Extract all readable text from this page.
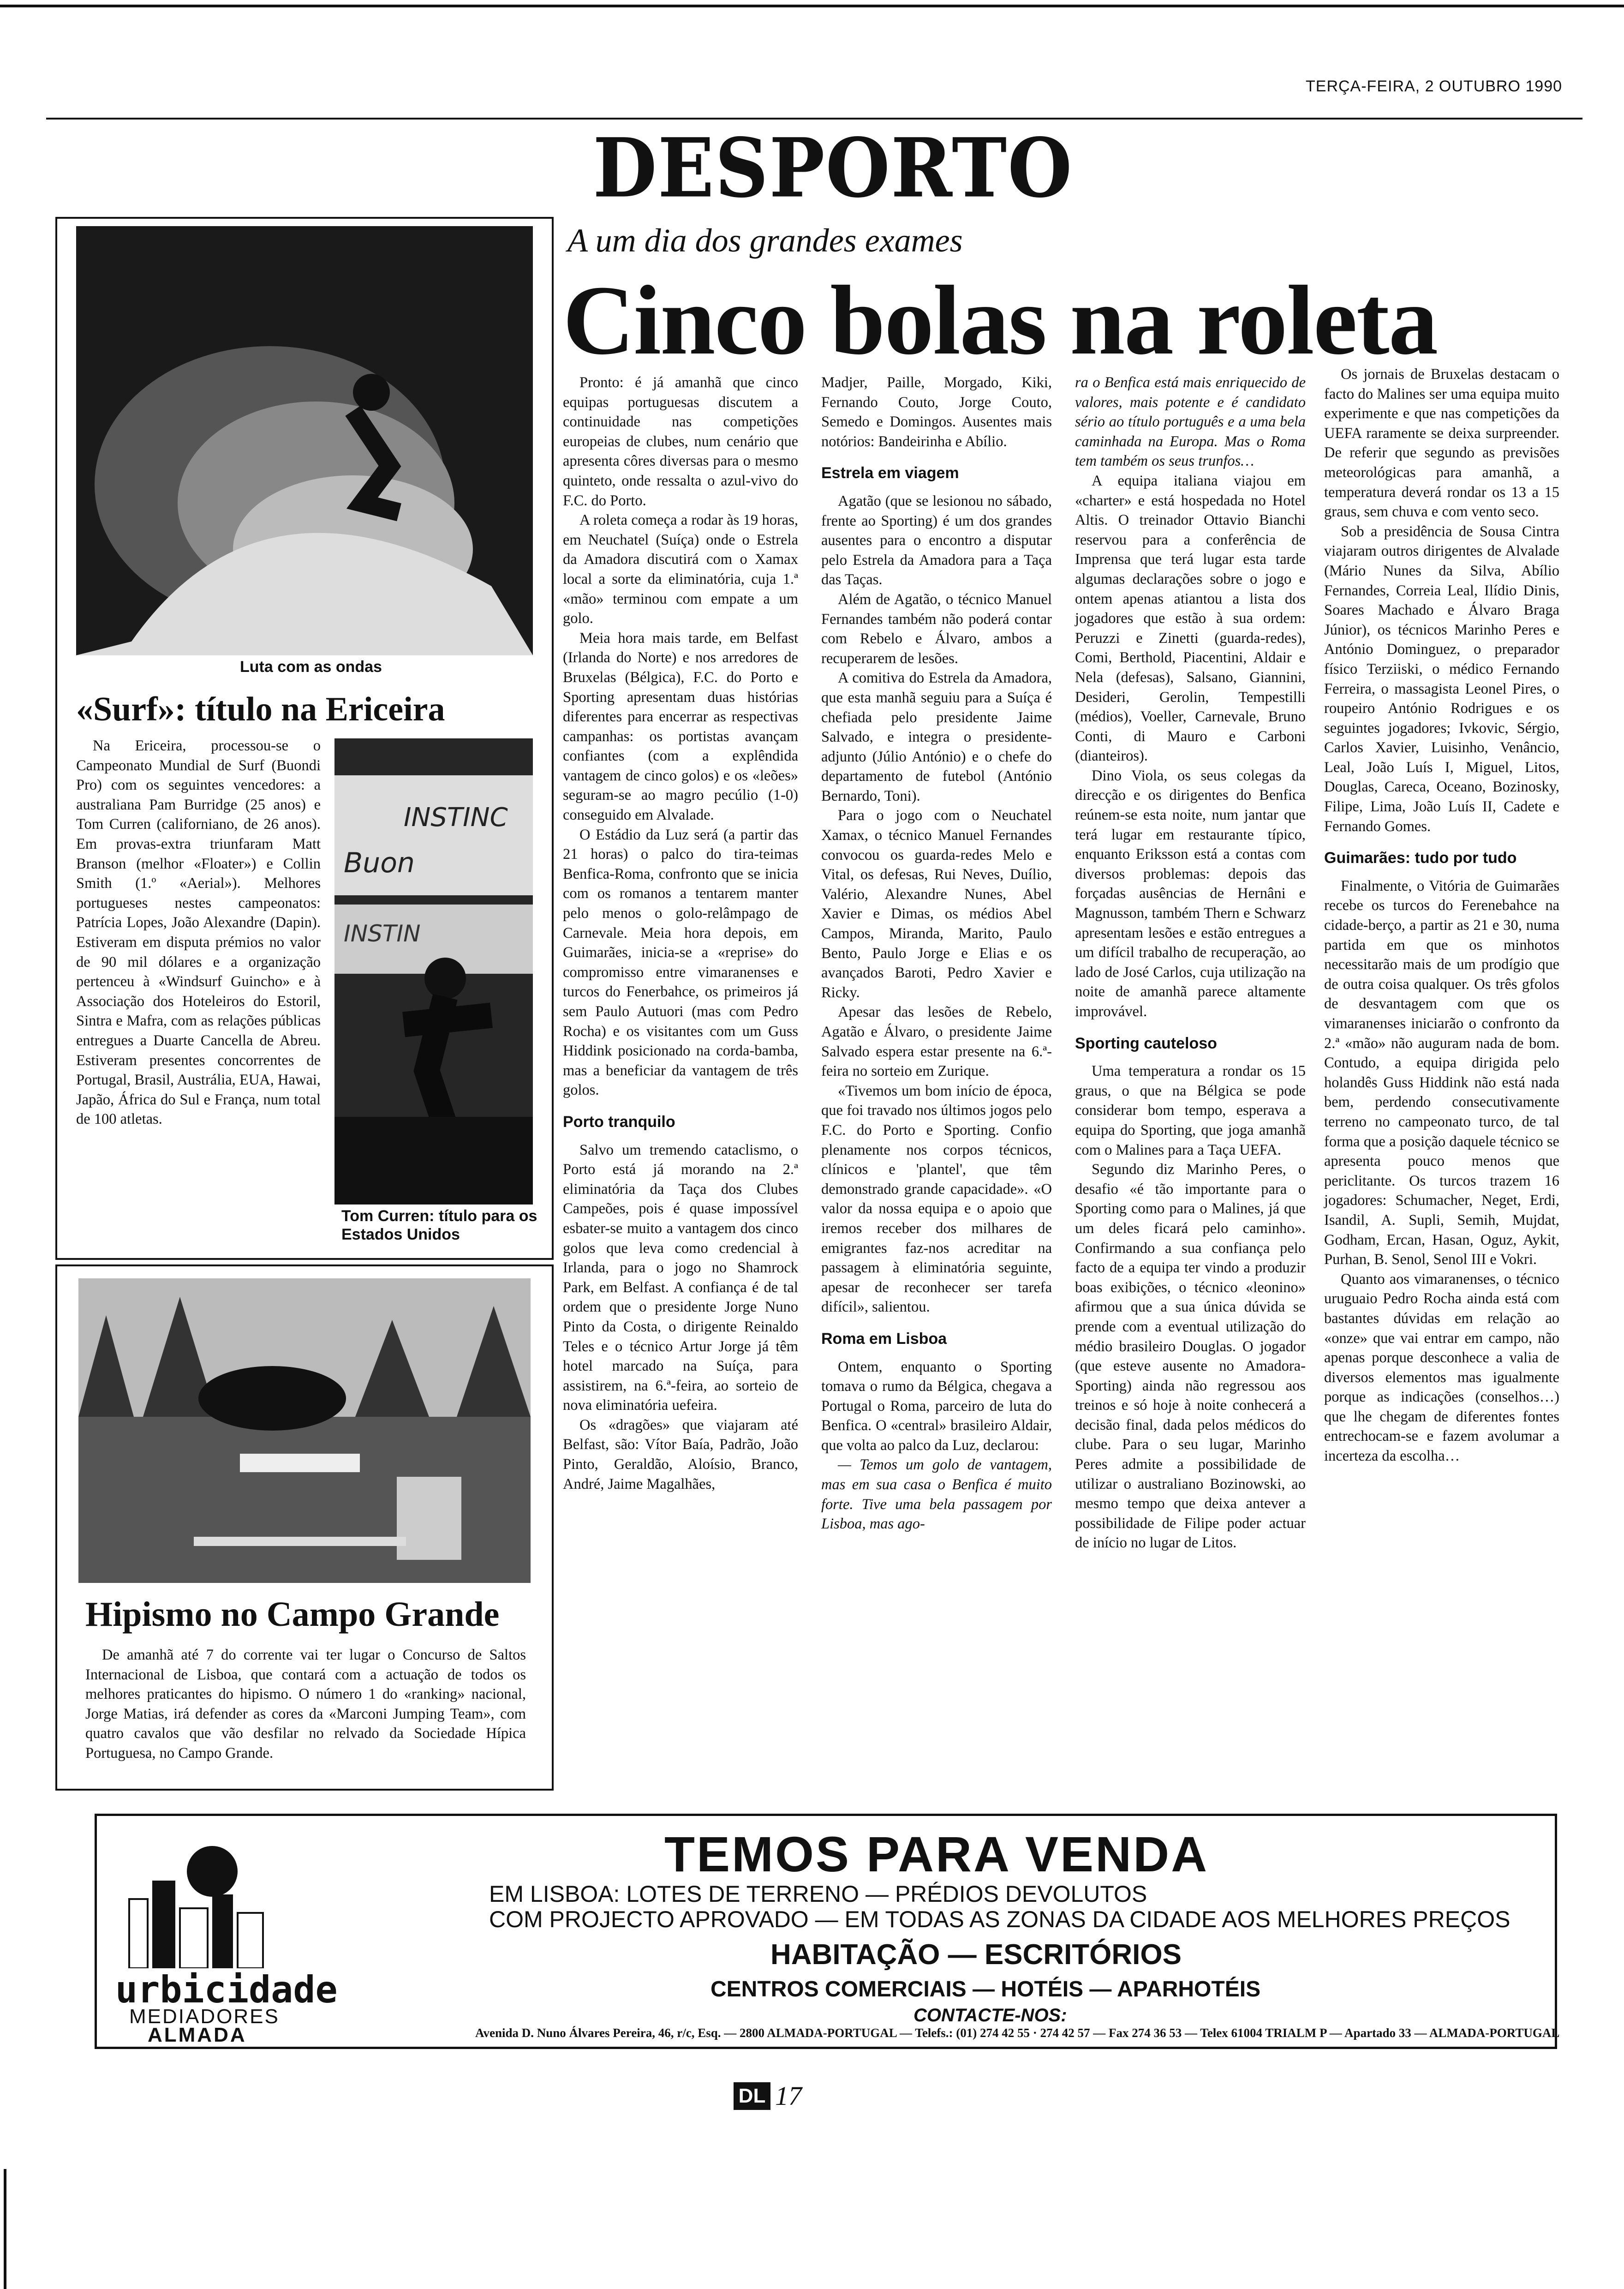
TERÇA-FEIRA, 2 OUTUBRO 1990
DESPORTO
Luta com as ondas
«Surf»: título na Ericeira
Na Ericeira, processou-se o Campeonato Mundial de Surf (Buondi Pro) com os seguintes vencedores: a australiana Pam Burridge (25 anos) e Tom Curren (californiano, de 26 anos). Em provas-extra triunfaram Matt Branson (melhor «Floater») e Collin Smith (1.º «Aerial»). Melhores portugueses nestes campeonatos: Patrícia Lopes, João Alexandre (Dapin). Estiveram em disputa prémios no valor de 90 mil dólares e a organização pertenceu à «Windsurf Guincho» e à Associação dos Hoteleiros do Estoril, Sintra e Mafra, com as relações públicas entregues a Duarte Cancella de Abreu. Estiveram presentes concorrentes de Portugal, Brasil, Austrália, EUA, Hawai, Japão, África do Sul e França, num total de 100 atletas.
INSTINC
Buon
INSTIN
Tom Curren: título para os Estados Unidos
Hipismo no Campo Grande
De amanhã até 7 do corrente vai ter lugar o Concurso de Saltos Internacional de Lisboa, que contará com a actuação de todos os melhores praticantes do hipismo. O número 1 do «ranking» nacional, Jorge Matias, irá defender as cores da «Marconi Jumping Team», com quatro cavalos que vão desfilar no relvado da Sociedade Hípica Portuguesa, no Campo Grande.
A um dia dos grandes exames
Cinco bolas na roleta

Pronto: é já amanhã que cinco equipas portuguesas discutem a continuidade nas competições europeias de clubes, num cenário que apresenta côres diversas para o mesmo quinteto, onde ressalta o azul-vivo do F.C. do Porto.

A roleta começa a rodar às 19 horas, em Neuchatel (Suíça) onde o Estrela da Amadora discutirá com o Xamax local a sorte da eliminatória, cuja 1.ª «mão» terminou com empate a um golo.

Meia hora mais tarde, em Belfast (Irlanda do Norte) e nos arredores de Bruxelas (Bélgica), F.C. do Porto e Sporting apresentam duas histórias diferentes para encerrar as respectivas campanhas: os portistas avançam confiantes (com a explêndida vantagem de cinco golos) e os «leões» seguram-se ao magro pecúlio (1-0) conseguido em Alvalade.

O Estádio da Luz será (a partir das 21 horas) o palco do tira-teimas Benfica-Roma, confronto que se inicia com os romanos a tentarem manter pelo menos o golo-relâmpago de Carnevale. Meia hora depois, em Guimarães, inicia-se a «reprise» do compromisso entre vimaranenses e turcos do Fenerbahce, os primeiros já sem Paulo Autuori (mas com Pedro Rocha) e os visitantes com um Guss Hiddink posicionado na corda-bamba, mas a beneficiar da vantagem de três golos.

Porto tranquilo

Salvo um tremendo cataclismo, o Porto está já morando na 2.ª eliminatória da Taça dos Clubes Campeões, pois é quase impossível esbater-se muito a vantagem dos cinco golos que leva como credencial à Irlanda, para o jogo no Shamrock Park, em Belfast. A confiança é de tal ordem que o presidente Jorge Nuno Pinto da Costa, o dirigente Reinaldo Teles e o técnico Artur Jorge já têm hotel marcado na Suíça, para assistirem, na 6.ª-feira, ao sorteio de nova eliminatória uefeira.

Os «dragões» que viajaram até Belfast, são: Vítor Baía, Padrão, João Pinto, Geraldão, Aloísio, Branco, André, Jaime Magalhães,

Madjer, Paille, Morgado, Kiki, Fernando Couto, Jorge Couto, Semedo e Domingos. Ausentes mais notórios: Bandeirinha e Abílio.

Estrela em viagem

Agatão (que se lesionou no sábado, frente ao Sporting) é um dos grandes ausentes para o encontro a disputar pelo Estrela da Amadora para a Taça das Taças.

Além de Agatão, o técnico Manuel Fernandes também não poderá contar com Rebelo e Álvaro, ambos a recuperarem de lesões.

A comitiva do Estrela da Amadora, que esta manhã seguiu para a Suíça é chefiada pelo presidente Jaime Salvado, e integra o presidente-adjunto (Júlio António) e o chefe do departamento de futebol (António Bernardo, Toni).

Para o jogo com o Neuchatel Xamax, o técnico Manuel Fernandes convocou os guarda-redes Melo e Vital, os defesas, Rui Neves, Duílio, Valério, Alexandre Nunes, Abel Xavier e Dimas, os médios Abel Campos, Miranda, Marito, Paulo Bento, Paulo Jorge e Elias e os avançados Baroti, Pedro Xavier e Ricky.

Apesar das lesões de Rebelo, Agatão e Álvaro, o presidente Jaime Salvado espera estar presente na 6.ª-feira no sorteio em Zurique.

«Tivemos um bom início de época, que foi travado nos últimos jogos pelo F.C. do Porto e Sporting. Confio plenamente nos corpos técnicos, clínicos e 'plantel', que têm demonstrado grande capacidade». «O valor da nossa equipa e o apoio que iremos receber dos milhares de emigrantes faz-nos acreditar na passagem à eliminatória seguinte, apesar de reconhecer ser tarefa difícil», salientou.

Roma em Lisboa

Ontem, enquanto o Sporting tomava o rumo da Bélgica, chegava a Portugal o Roma, parceiro de luta do Benfica. O «central» brasileiro Aldair, que volta ao palco da Luz, declarou:

— Temos um golo de vantagem, mas em sua casa o Benfica é muito forte. Tive uma bela passagem por Lisboa, mas ago-

ra o Benfica está mais enriquecido de valores, mais potente e é candidato sério ao título português e a uma bela caminhada na Europa. Mas o Roma tem também os seus trunfos…

A equipa italiana viajou em «charter» e está hospedada no Hotel Altis. O treinador Ottavio Bianchi reservou para a conferência de Imprensa que terá lugar esta tarde algumas declarações sobre o jogo e ontem apenas atiantou a lista dos jogadores que estão à sua ordem: Peruzzi e Zinetti (guarda-redes), Comi, Berthold, Piacentini, Aldair e Nela (defesas), Salsano, Giannini, Desideri, Gerolin, Tempestilli (médios), Voeller, Carnevale, Bruno Conti, di Mauro e Carboni (dianteiros).

Dino Viola, os seus colegas da direcção e os dirigentes do Benfica reúnem-se esta noite, num jantar que terá lugar em restaurante típico, enquanto Eriksson está a contas com diversos problemas: depois das forçadas ausências de Hernâni e Magnusson, também Thern e Schwarz apresentam lesões e estão entregues a um difícil trabalho de recuperação, ao lado de José Carlos, cuja utilização na noite de amanhã parece altamente improvável.

Sporting cauteloso

Uma temperatura a rondar os 15 graus, o que na Bélgica se pode considerar bom tempo, esperava a equipa do Sporting, que joga amanhã com o Malines para a Taça UEFA.

Segundo diz Marinho Peres, o desafio «é tão importante para o Sporting como para o Malines, já que um deles ficará pelo caminho». Confirmando a sua confiança pelo facto de a equipa ter vindo a produzir boas exibições, o técnico «leonino» afirmou que a sua única dúvida se prende com a eventual utilização do médio brasileiro Douglas. O jogador (que esteve ausente no Amadora-Sporting) ainda não regressou aos treinos e só hoje à noite conhecerá a decisão final, dada pelos médicos do clube. Para o seu lugar, Marinho Peres admite a possibilidade de utilizar o australiano Bozinowski, ao mesmo tempo que deixa antever a possibilidade de Filipe poder actuar de início no lugar de Litos.

Os jornais de Bruxelas destacam o facto do Malines ser uma equipa muito experimente e que nas competições da UEFA raramente se deixa surpreender. De referir que segundo as previsões meteorológicas para amanhã, a temperatura deverá rondar os 13 a 15 graus, sem chuva e com vento seco.

Sob a presidência de Sousa Cintra viajaram outros dirigentes de Alvalade (Mário Nunes da Silva, Abílio Fernandes, Correia Leal, Ilídio Dinis, Soares Machado e Álvaro Braga Júnior), os técnicos Marinho Peres e António Dominguez, o preparador físico Terziiski, o médico Fernando Ferreira, o massagista Leonel Pires, o roupeiro António Rodrigues e os seguintes jogadores; Ivkovic, Sérgio, Carlos Xavier, Luisinho, Venâncio, Leal, João Luís I, Miguel, Litos, Douglas, Careca, Oceano, Bozinosky, Filipe, Lima, João Luís II, Cadete e Fernando Gomes.

Guimarães: tudo por tudo

Finalmente, o Vitória de Guimarães recebe os turcos do Ferenebahce na cidade-berço, a partir as 21 e 30, numa partida em que os minhotos necessitarão mais de um prodígio que de outra coisa qualquer. Os três gfolos de desvantagem com que os vimaranenses iniciarão o confronto da 2.ª «mão» não auguram nada de bom. Contudo, a equipa dirigida pelo holandês Guss Hiddink não está nada bem, perdendo consecutivamente terreno no campeonato turco, de tal forma que a posição daquele técnico se apresenta pouco menos que periclitante. Os turcos trazem 16 jogadores: Schumacher, Neget, Erdi, Isandil, A. Supli, Semih, Mujdat, Godham, Ercan, Hasan, Oguz, Aykit, Purhan, B. Senol, Senol III e Vokri.

Quanto aos vimaranenses, o técnico uruguaio Pedro Rocha ainda está com bastantes dúvidas em relação ao «onze» que vai entrar em campo, não apenas porque desconhece a valia de diversos elementos mas igualmente porque as indicações (conselhos…) que lhe chegam de diferentes fontes entrechocam-se e fazem avolumar a incerteza da escolha…

urbicidade
MEDIADORES
ALMADA
TEMOS PARA VENDA
EM LISBOA: LOTES DE TERRENO — PRÉDIOS DEVOLUTOS
COM PROJECTO APROVADO — EM TODAS AS ZONAS DA CIDADE AOS MELHORES PREÇOS
HABITAÇÃO — ESCRITÓRIOS
CENTROS COMERCIAIS — HOTÉIS — APARHOTÉIS
CONTACTE-NOS:
Avenida D. Nuno Álvares Pereira, 46, r/c, Esq. — 2800 ALMADA-PORTUGAL — Telefs.: (01) 274 42 55 · 274 42 57 — Fax 274 36 53 — Telex 61004 TRIALM P — Apartado 33 — ALMADA-PORTUGAL
DL 17
